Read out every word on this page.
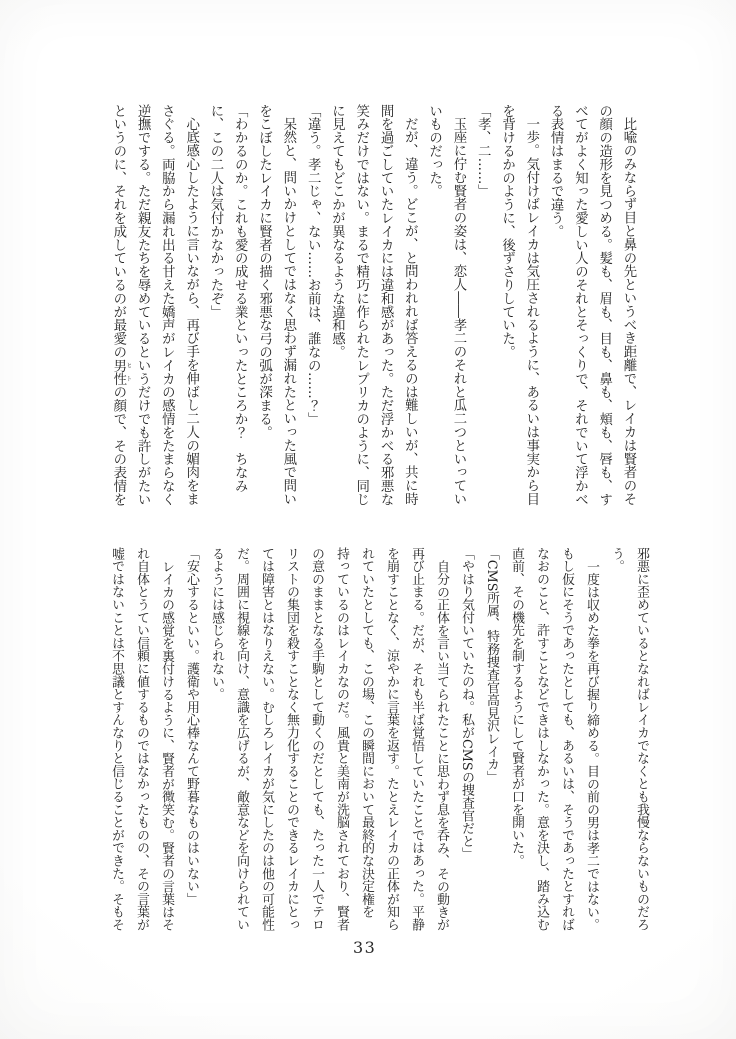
比喩のみならず目と鼻の先というべき距離で、レイカは賢者のその顔の造形を見つめる。髪も、眉も、目も、鼻も、頬も、唇も、すべてがよく知った愛しい人のそれとそっくりで、それでいて浮かべる表情はまるで違う。

一歩。気付けばレイカは気圧されるように、あるいは事実から目を背けるかのように、後ずさりしていた。

「孝、二……」

玉座に佇む賢者の姿は、恋人――孝二のそれと瓜二つといっていいものだった。

だが、違う。どこが、と問われれば答えるのは難しいが、共に時間を過ごしていたレイカには違和感があった。ただ浮かべる邪悪な笑みだけではない。まるで精巧に作られたレプリカのように、同じに見えてもどこかが異なるような違和感。

「違う。孝二じゃ、ない……お前は、誰なの……？」

呆然と、問いかけとしてではなく思わず漏れたといった風で問いをこぼしたレイカに賢者の描く邪悪な弓の弧が深まる。

「わかるのか。これも愛の成せる業といったところか？　ちなみに、この二人は気付かなかったぞ」

心底感心したように言いながら、再び手を伸ばし二人の媚肉をまさぐる。両脇から漏れ出る甘えた嬌声がレイカの感情をたまらなく逆撫でする。ただ親友たちを辱めているというだけでも許しがたいというのに、それを成しているのが最愛の男性 ヒトの顔で、その表情を

邪悪に歪めているとなればレイカでなくとも我慢ならないものだろう。

一度は収めた拳を再び握り締める。目の前の男は孝二ではない。もし仮にそうであったとしても、あるいは、そうであったとすればなおのこと、許すことなどできはしなかった。意を決し、踏み込む直前、その機先を制するようにして賢者が口を開いた。

「CMS所属、特務捜査官高見沢レイカ」

「やはり気付いていたのね。私がCMSの捜査官だと」

自分の正体を言い当てられたことに思わず息を呑み、その動きが再び止まる。だが、それも半ば覚悟していたことではあった。平静を崩すことなく、涼やかに言葉を返す。たとえレイカの正体が知られていたとしても、この場、この瞬間において最終的な決定権を持っているのはレイカなのだ。風貴と美南が洗脳されており、賢者の意のままとなる手駒として動くのだとしても、たった一人でテロリストの集団を殺すことなく無力化することのできるレイカにとっては障害とはなりえない。むしろレイカが気にしたのは他の可能性だ。周囲に視線を向け、意識を広げるが、敵意などを向けられているようには感じられない。

「安心するといい。護衛や用心棒なんて野暮なものはいない」

レイカの感覚を裏付けるように、賢者が微笑む。賢者の言葉はそれ自体とうてい信頼に値するものではなかったものの、その言葉が嘘ではないことは不思議とすんなりと信じることができた。そもそ

33
